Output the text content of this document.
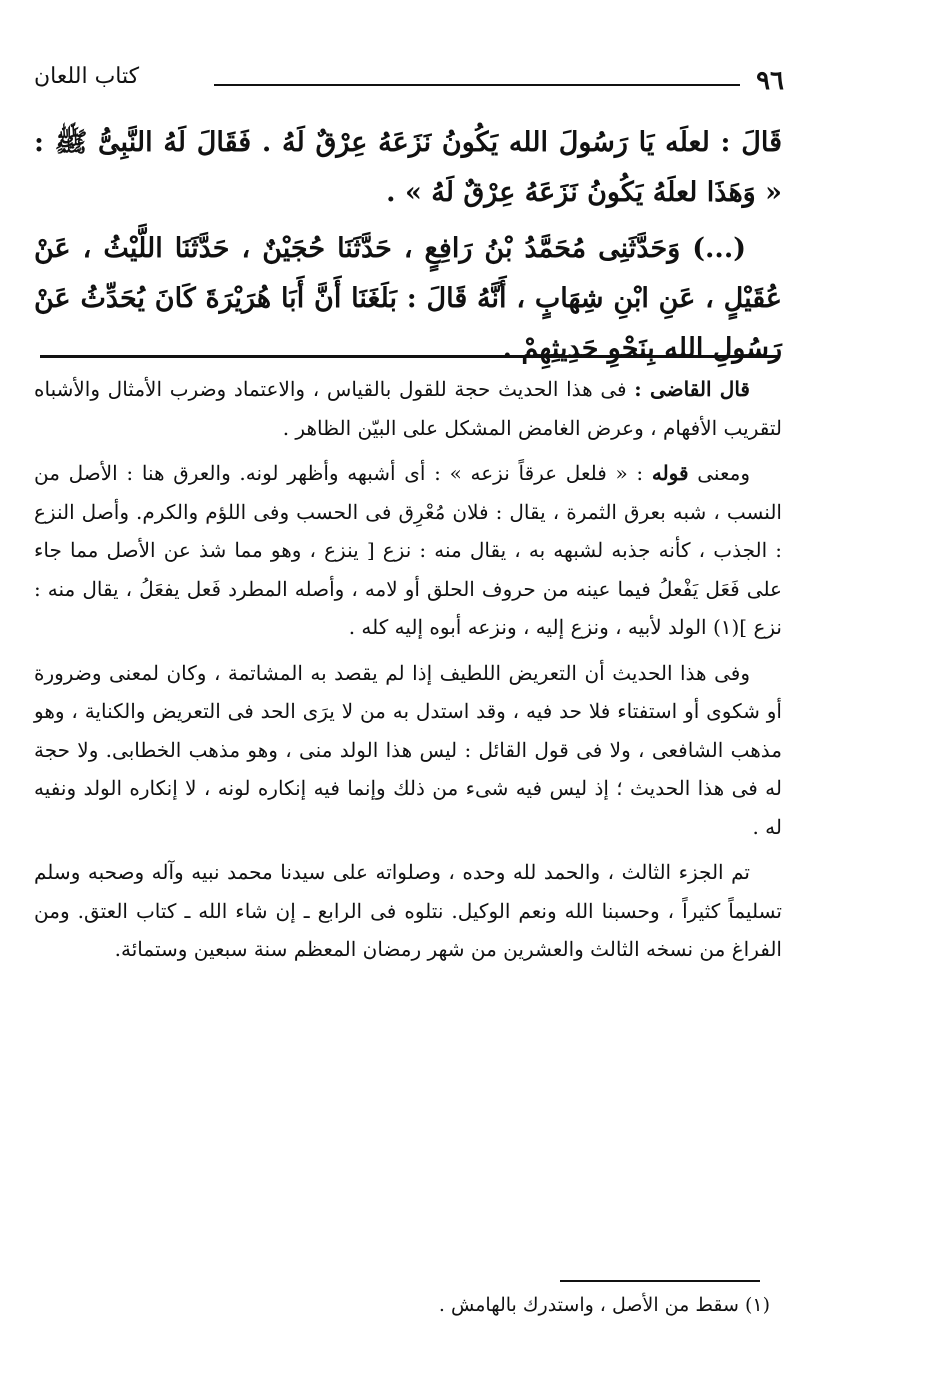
٩٦
كتاب اللعان

قَالَ : لعلَه يَا رَسُولَ الله يَكُونُ نَزَعَهُ عِرْقٌ لَهُ . فَقَالَ لَهُ النَّبِىُّ ﷺ : « وَهَذَا لعلَهُ يَكُونُ نَزَعَهُ عِرْقٌ لَهُ » .

(...) وَحَدَّثَنِى مُحَمَّدُ بْنُ رَافِعٍ ، حَدَّثَنَا حُجَيْنٌ ، حَدَّثَنَا اللَّيْثُ ، عَنْ عُقَيْلٍ ، عَنِ ابْنِ شِهَابٍ ، أَنَّهُ قَالَ : بَلَغَنَا أَنَّ أَبَا هُرَيْرَةَ كَانَ يُحَدِّثُ عَنْ رَسُولِ الله بِنَحْوِ حَدِيثِهِمْ .

قال القاضى : فى هذا الحديث حجة للقول بالقياس ، والاعتماد وضرب الأمثال والأشباه لتقريب الأفهام ، وعرض الغامض المشكل على البيّن الظاهر .

ومعنى قوله : « فلعل عرقاً نزعه » : أى أشبهه وأظهر لونه. والعرق هنا : الأصل من النسب ، شبه بعرق الثمرة ، يقال : فلان مُعْرِق فى الحسب وفى اللؤم والكرم. وأصل النزع : الجذب ، كأنه جذبه لشبهه به ، يقال منه : نزع [ ينزع ، وهو مما شذ عن الأصل مما جاء على فَعَل يَفْعلُ فيما عينه من حروف الحلق أو لامه ، وأصله المطرد فَعل يفعَلُ ، يقال منه : نزع ](١) الولد لأبيه ، ونزع إليه ، ونزعه أبوه إليه كله .

وفى هذا الحديث أن التعريض اللطيف إذا لم يقصد به المشاتمة ، وكان لمعنى وضرورة أو شكوى أو استفتاء فلا حد فيه ، وقد استدل به من لا يرَى الحد فى التعريض والكناية ، وهو مذهب الشافعى ، ولا فى قول القائل : ليس هذا الولد منى ، وهو مذهب الخطابى. ولا حجة له فى هذا الحديث ؛ إذ ليس فيه شىء من ذلك وإنما فيه إنكاره لونه ، لا إنكاره الولد ونفيه له .

تم الجزء الثالث ، والحمد لله وحده ، وصلواته على سيدنا محمد نبيه وآله وصحبه وسلم تسليماً كثيراً ، وحسبنا الله ونعم الوكيل. نتلوه فى الرابع ـ إن شاء الله ـ كتاب العتق. ومن الفراغ من نسخه الثالث والعشرين من شهر رمضان المعظم سنة سبعين وستمائة.

(١) سقط من الأصل ، واستدرك بالهامش .
